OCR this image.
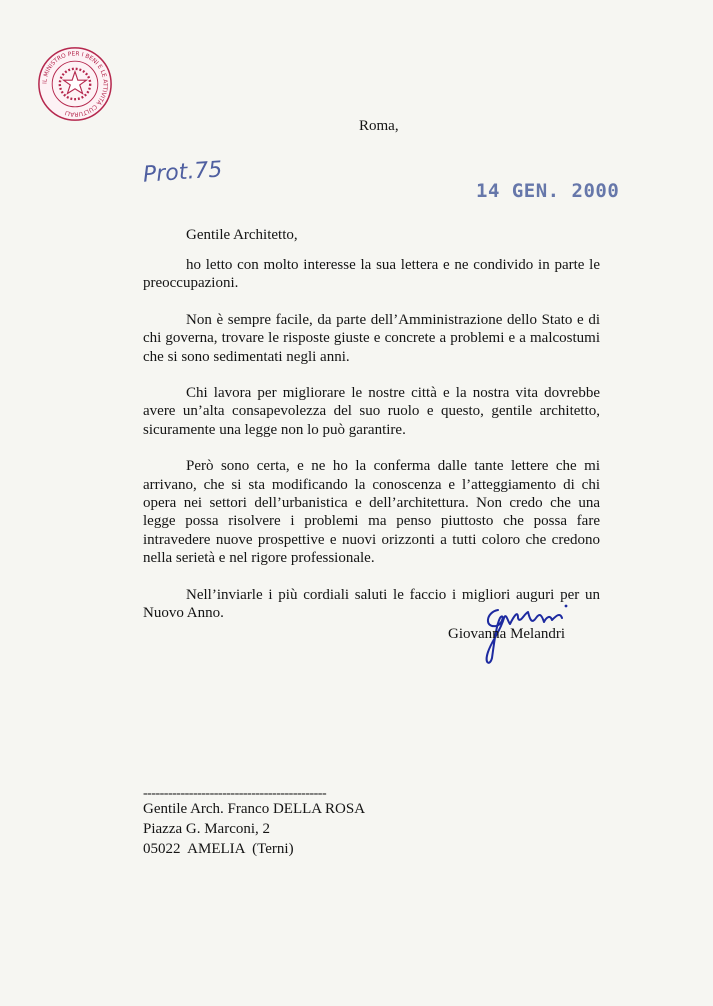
IL MINISTRO PER I BENI E LE ATTIVITÀ CULTURALI
Roma,
Prot.75
14 GEN. 2000
Gentile Architetto,

ho letto con molto interesse la sua lettera e ne condivido in parte le preoccupazioni.

Non è sempre facile, da parte dell’Amministrazione dello Stato e di chi governa, trovare le risposte giuste e concrete a problemi e a malcostumi che si sono sedimentati negli anni.

Chi lavora per migliorare le nostre città e la nostra vita dovrebbe avere un’alta consapevolezza del suo ruolo e questo, gentile architetto, sicuramente una legge non lo può garantire.

Però sono certa, e ne ho la conferma dalle tante lettere che mi arrivano, che si sta modificando la conoscenza e l’atteggiamento di chi opera nei settori dell’urbanistica e dell’architettura. Non credo che una legge possa risolvere i problemi ma penso piuttosto che possa fare intravedere nuove prospettive e nuovi orizzonti a tutti coloro che credono nella serietà e nel rigore professionale.

Nell’inviarle i più cordiali saluti le faccio i migliori auguri per un Nuovo Anno.

Giovanna Melandri
--------------------------------------------
Gentile Arch. Franco DELLA ROSA
Piazza G. Marconi, 2
05022  AMELIA  (Terni)
